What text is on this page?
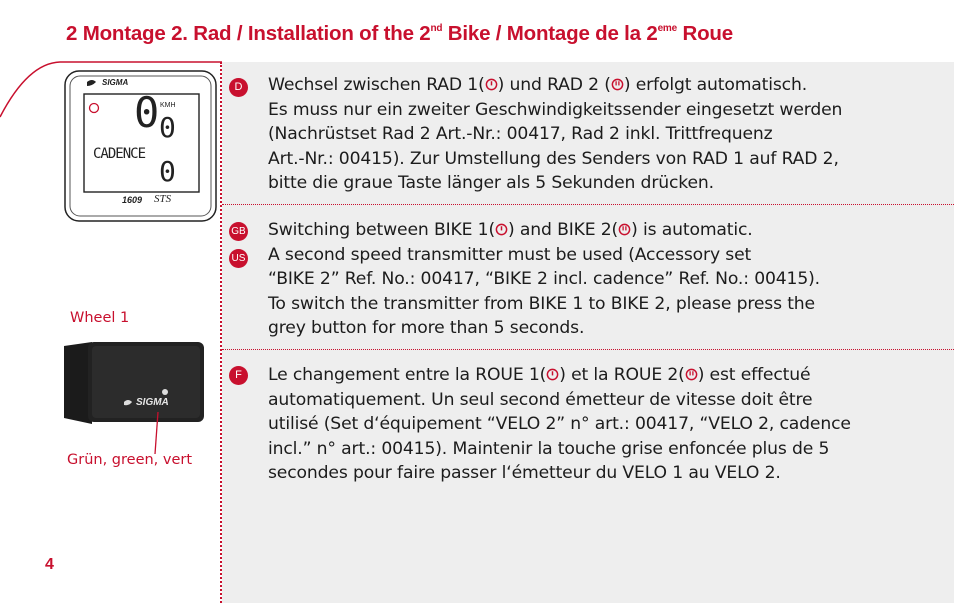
2 Montage 2. Rad / Installation of the 2nd Bike / Montage de la 2eme Roue
SIGMA
0 KMH
0
CADENCE
0
1609 STS
Wheel 1
SIGMA
Grün, green, vert
4
D	Wechsel zwischen RAD 1( ) und RAD 2 ( ) erfolgt automatisch.

Es muss nur ein zweiter Geschwindigkeitssender eingesetzt werden

(Nachrüstset Rad 2 Art.-Nr.: 00417, Rad 2 inkl. Trittfrequenz

Art.-Nr.: 00415). Zur Umstellung des Senders von RAD 1 auf RAD 2,

bitte die graue Taste länger als 5 Sekunden drücken.

GB
US

Switching between BIKE 1( ) and BIKE 2( ) is automatic.

A second speed transmitter must be used (Accessory set

“BIKE 2” Ref. No.: 00417, “BIKE 2 incl. cadence” Ref. No.: 00415).

To switch the transmitter from BIKE 1 to BIKE 2, please press the

grey button for more than 5 seconds.

F	Le changement entre la ROUE 1( ) et la ROUE 2( ) est effectué

automatiquement. Un seul second émetteur de vitesse doit être

utilisé (Set d‘équipement “VELO 2” n° art.: 00417, “VELO 2, cadence

incl.” n° art.: 00415). Maintenir la touche grise enfoncée plus de 5

secondes pour faire passer l‘émetteur du VELO 1 au VELO 2.
